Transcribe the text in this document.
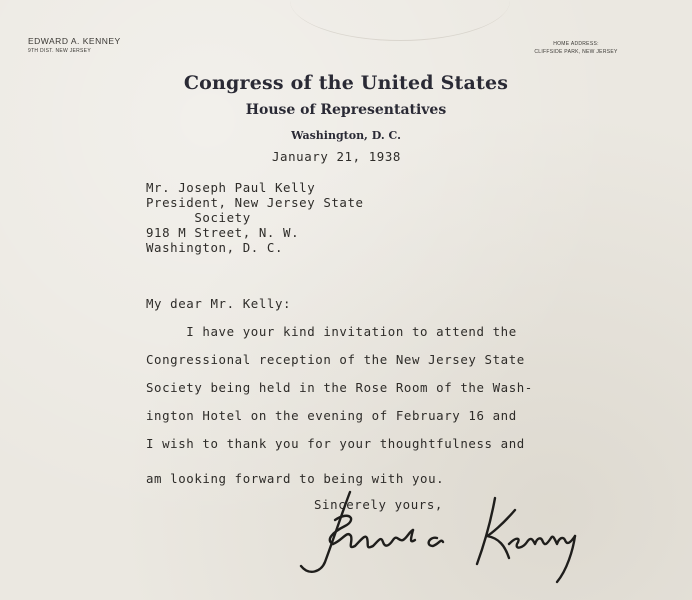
EDWARD A. KENNEY
9TH DIST. NEW JERSEY
HOME ADDRESS:
CLIFFSIDE PARK, NEW JERSEY
Congress of the United States
House of Representatives
Washington, D. C.
January 21, 1938
Mr. Joseph Paul Kelly
President, New Jersey State
Society
918 M Street, N. W.
Washington, D. C.
My dear Mr. Kelly:
I have your kind invitation to attend the
Congressional reception of the New Jersey State
Society being held in the Rose Room of the Wash-
ington Hotel on the evening of February 16 and
I wish to thank you for your thoughtfulness and
am looking forward to being with you.
Sincerely yours,
